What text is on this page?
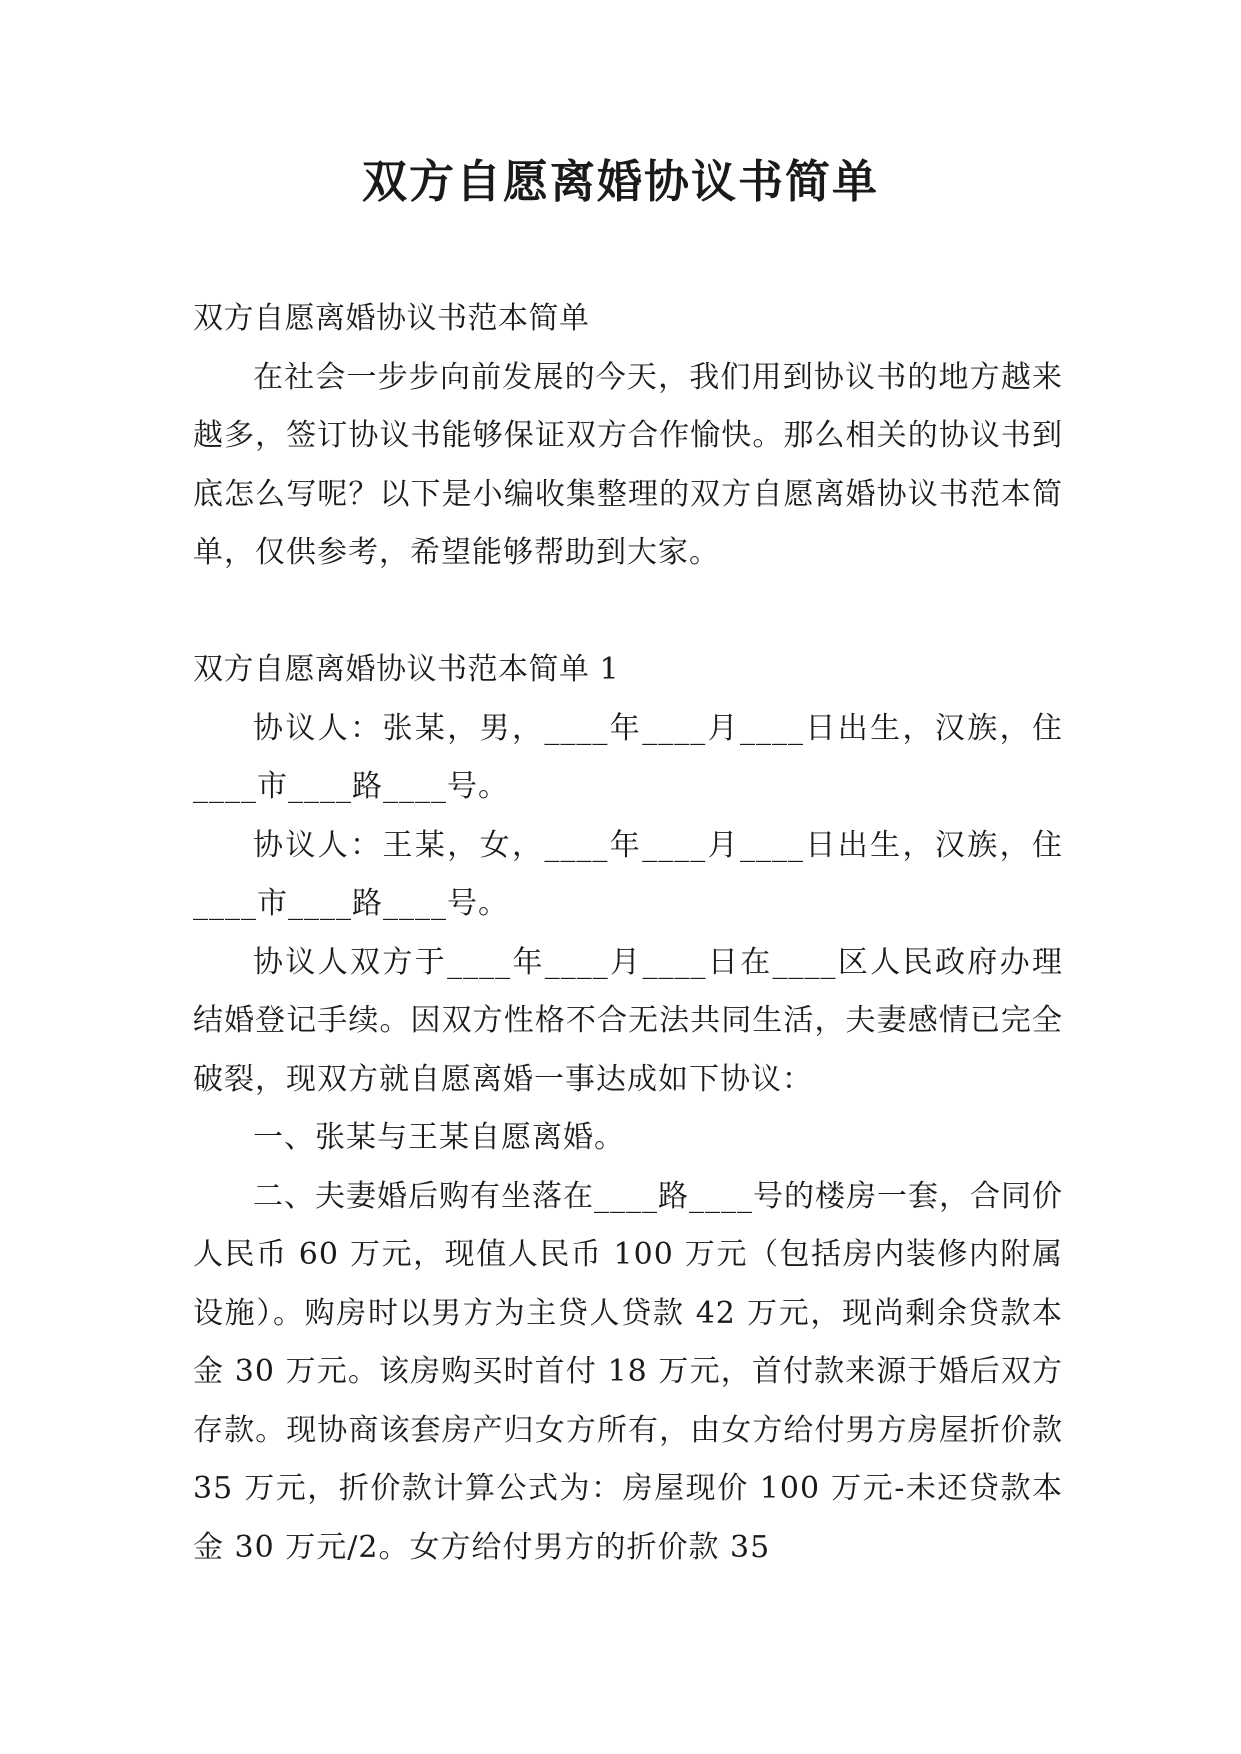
双方自愿离婚协议书简单

双方自愿离婚协议书范本简单

在社会一步步向前发展的今天，我们用到协议书的地方越来越多，签订协议书能够保证双方合作愉快。那么相关的协议书到底怎么写呢？以下是小编收集整理的双方自愿离婚协议书范本简单，仅供参考，希望能够帮助到大家。

双方自愿离婚协议书范本简单 1

协议人：张某，男，____年____月____日出生，汉族，住____市____路____号。

协议人：王某，女，____年____月____日出生，汉族，住____市____路____号。

协议人双方于____年____月____日在____区人民政府办理结婚登记手续。因双方性格不合无法共同生活，夫妻感情已完全破裂，现双方就自愿离婚一事达成如下协议：

一、张某与王某自愿离婚。

二、夫妻婚后购有坐落在____路____号的楼房一套，合同价人民币 60 万元，现值人民币 100 万元（包括房内装修内附属设施）。购房时以男方为主贷人贷款 42 万元，现尚剩余贷款本金 30 万元。该房购买时首付 18 万元，首付款来源于婚后双方存款。现协商该套房产归女方所有，由女方给付男方房屋折价款 35 万元，折价款计算公式为：房屋现价 100 万元-未还贷款本金 30 万元/2。女方给付男方的折价款 35
